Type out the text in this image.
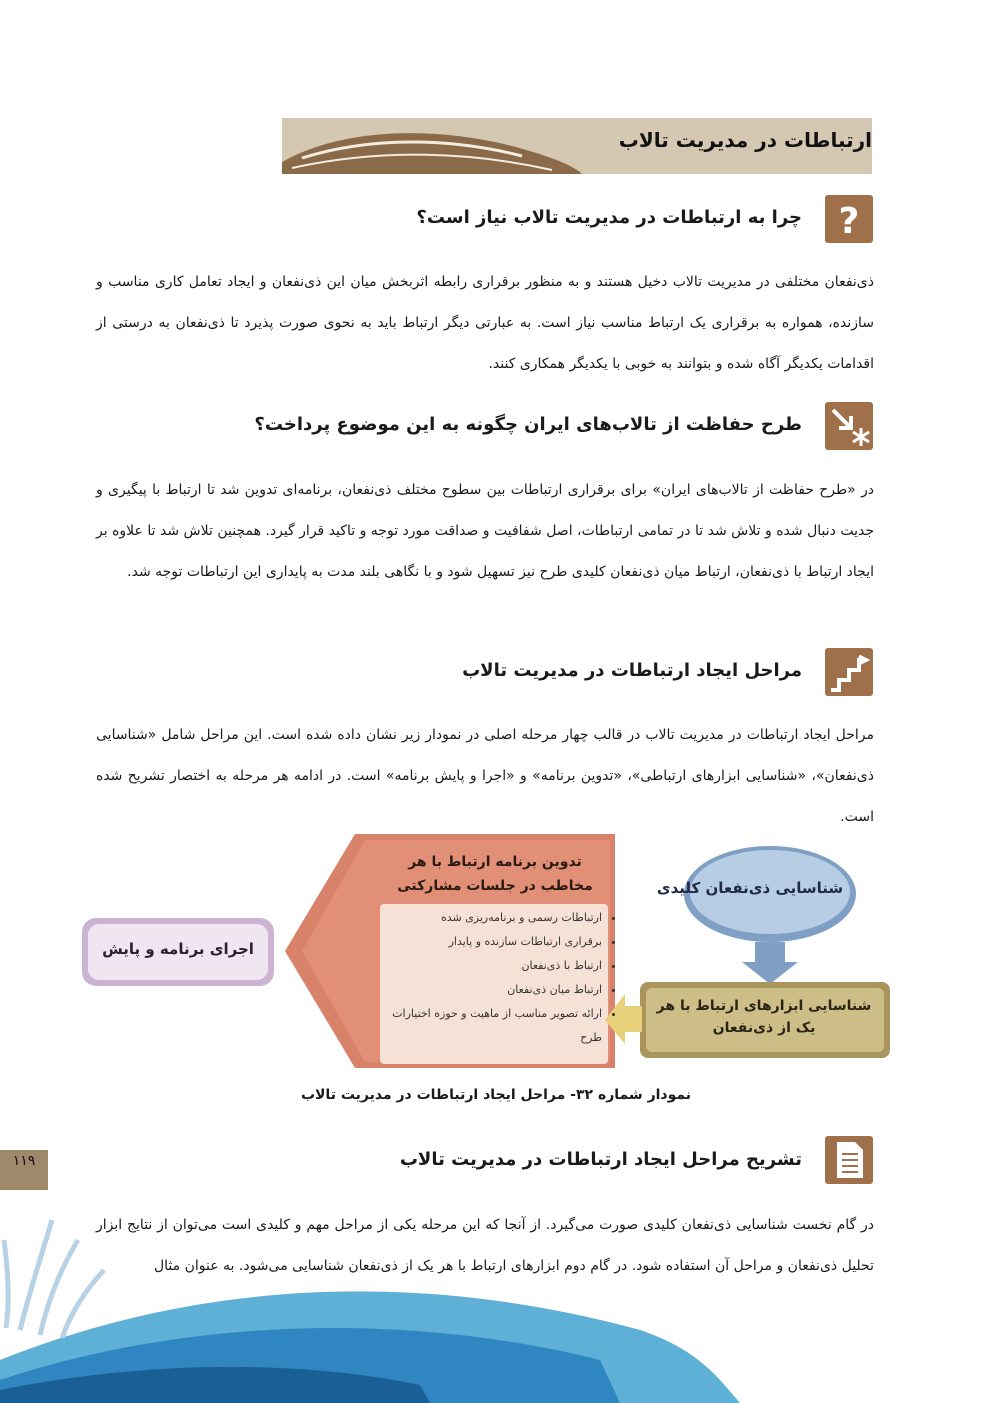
ارتباطات در مدیریت تالاب
?
چرا به ارتباطات در مدیریت تالاب نیاز است؟

ذی‌نفعان مختلفی در مدیریت تالاب دخیل هستند و به منظور برقراری رابطه اثربخش میان این ذی‌نفعان و ایجاد تعامل کاری مناسب و سازنده، همواره به برقراری یک ارتباط مناسب نیاز است. به عبارتی دیگر ارتباط باید به نحوی صورت پذیرد تا ذی‌نفعان به درستی از اقدامات یکدیگر آگاه شده و بتوانند به خوبی با یکدیگر همکاری کنند.

طرح حفاظت از تالاب‌های ایران چگونه به این موضوع پرداخت؟

در «طرح حفاظت از تالاب‌های ایران» برای برقراری ارتباطات بین سطوح مختلف ذی‌نفعان، برنامه‌ای تدوین شد تا ارتباط با پیگیری و جدیت دنبال شده و تلاش شد تا در تمامی ارتباطات، اصل شفافیت و صداقت مورد توجه و تاکید قرار گیرد. همچنین تلاش شد تا علاوه بر ایجاد ارتباط با ذی‌نفعان، ارتباط میان ذی‌نفعان کلیدی طرح نیز تسهیل شود و با نگاهی بلند مدت به پایداری این ارتباطات توجه شد.

مراحل ایجاد ارتباطات در مدیریت تالاب

مراحل ایجاد ارتباطات در مدیریت تالاب در قالب چهار مرحله اصلی در نمودار زیر نشان داده شده است. این مراحل شامل «شناسایی ذی‌نفعان»، «شناسایی ابزارهای ارتباطی»، «تدوین برنامه» و «اجرا و پایش برنامه» است. در ادامه هر مرحله به اختصار تشریح شده است.

شناسایی ذی‌نفعان کلیدی
شناسایی ابزارهای ارتباط با هر یک از ذی‌نفعان
تدوین برنامه ارتباط با هر مخاطب در جلسات مشارکتی
• ارتباطات رسمی و برنامه‌ریزی شده
• برقراری ارتباطات سازنده و پایدار
• ارتباط با ذی‌نفعان
• ارتباط میان ذی‌نفعان
• ارائه تصویر مناسب از ماهیت و حوزه اختیارات طرح
اجرای برنامه و پایش
نمودار شماره ۳۲- مراحل ایجاد ارتباطات در مدیریت تالاب
۱۱۹	تشریح مراحل ایجاد ارتباطات در مدیریت تالاب

در گام نخست شناسایی ذی‌نفعان کلیدی صورت می‌گیرد. از آنجا که این مرحله یکی از مراحل مهم و کلیدی است می‌توان از نتایج ابزار تحلیل ذی‌نفعان و مراحل آن استفاده شود. در گام دوم ابزارهای ارتباط با هر یک از ذی‌نفعان شناسایی می‌شود. به عنوان مثال
